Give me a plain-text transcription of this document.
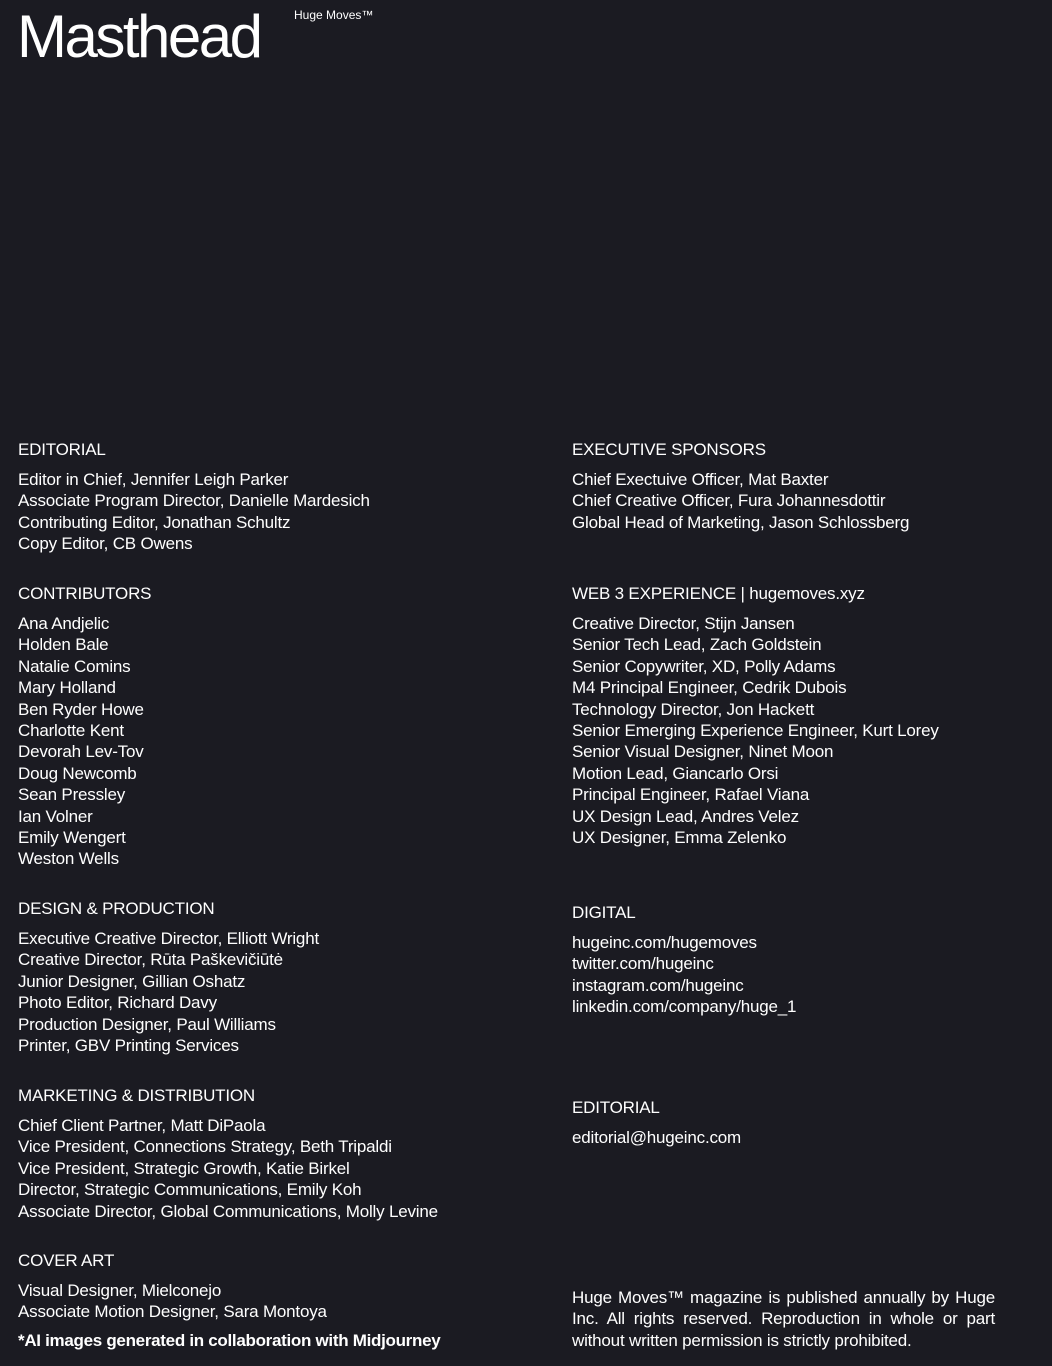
Masthead	Huge Moves™
EDITORIAL
Editor in Chief, Jennifer Leigh Parker
Associate Program Director, Danielle Mardesich
Contributing Editor, Jonathan Schultz
Copy Editor, CB Owens
CONTRIBUTORS
Ana Andjelic
Holden Bale
Natalie Comins
Mary Holland
Ben Ryder Howe
Charlotte Kent
Devorah Lev-Tov
Doug Newcomb
Sean Pressley
Ian Volner
Emily Wengert
Weston Wells
DESIGN & PRODUCTION
Executive Creative Director, Elliott Wright
Creative Director, Rūta Paškevičiūtė
Junior Designer, Gillian Oshatz
Photo Editor, Richard Davy
Production Designer, Paul Williams
Printer, GBV Printing Services
MARKETING & DISTRIBUTION
Chief Client Partner, Matt DiPaola
Vice President, Connections Strategy, Beth Tripaldi
Vice President, Strategic Growth, Katie Birkel
Director, Strategic Communications, Emily Koh
Associate Director, Global Communications, Molly Levine
COVER ART
Visual Designer, Mielconejo
Associate Motion Designer, Sara Montoya
*AI images generated in collaboration with Midjourney
EXECUTIVE SPONSORS
Chief Exectuive Officer, Mat Baxter
Chief Creative Officer, Fura Johannesdottir
Global Head of Marketing, Jason Schlossberg
WEB 3 EXPERIENCE | hugemoves.xyz
Creative Director, Stijn Jansen
Senior Tech Lead, Zach Goldstein
Senior Copywriter, XD, Polly Adams
M4 Principal Engineer, Cedrik Dubois
Technology Director, Jon Hackett
Senior Emerging Experience Engineer, Kurt Lorey
Senior Visual Designer, Ninet Moon
Motion Lead, Giancarlo Orsi
Principal Engineer, Rafael Viana
UX Design Lead, Andres Velez
UX Designer, Emma Zelenko
DIGITAL
hugeinc.com/hugemoves
twitter.com/hugeinc
instagram.com/hugeinc
linkedin.com/company/huge_1
EDITORIAL
editorial@hugeinc.com
Huge Moves™ magazine is published annually by Huge Inc. All rights reserved. Reproduction in whole or part without written permission is strictly prohibited.
